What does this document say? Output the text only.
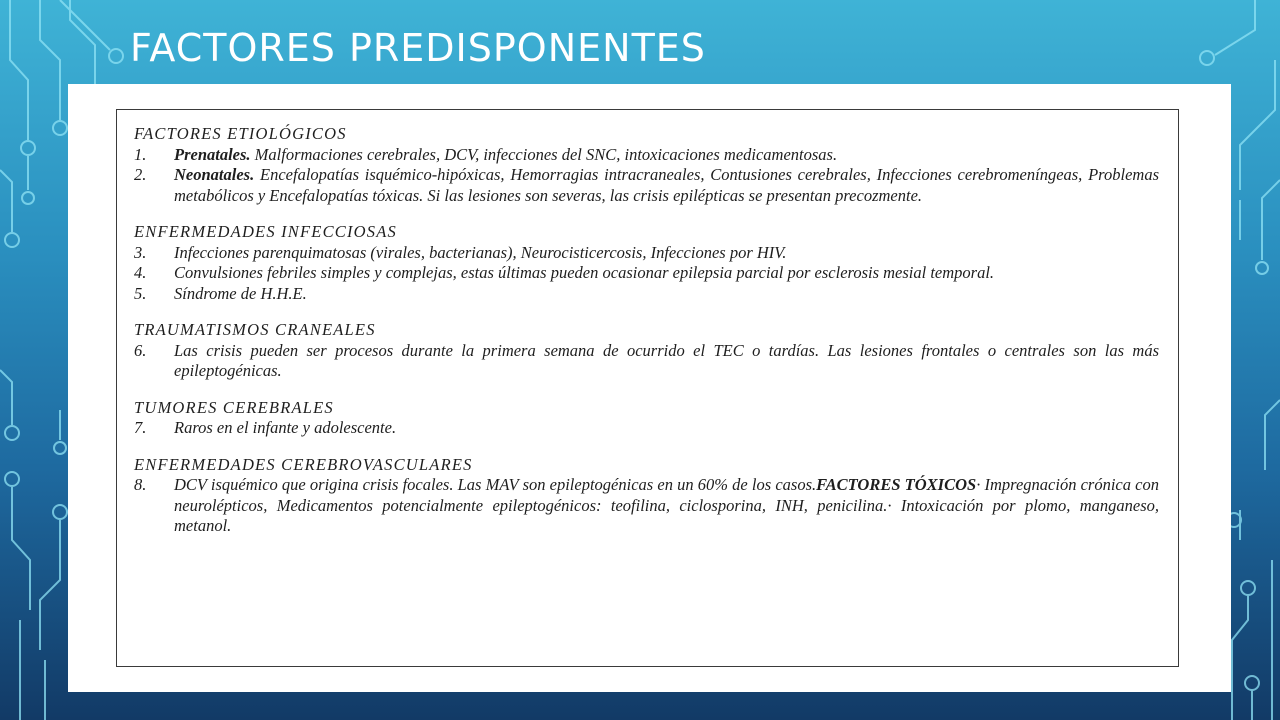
FACTORES PREDISPONENTES
FACTORES ETIOLÓGICOS
1.	Prenatales. Malformaciones cerebrales, DCV, infecciones del SNC, intoxicaciones medicamentosas.
2.	Neonatales. Encefalopatías isquémico-hipóxicas, Hemorragias intracraneales, Contusiones cerebrales, Infecciones cerebromeníngeas, Problemas metabólicos y Encefalopatías tóxicas. Si las lesiones son severas, las crisis epilépticas se presentan precozmente.
ENFERMEDADES INFECCIOSAS
3.	Infecciones parenquimatosas (virales, bacterianas), Neurocisticercosis, Infecciones por HIV.
4.	Convulsiones febriles simples y complejas, estas últimas pueden ocasionar epilepsia parcial por esclerosis mesial temporal.
5.	Síndrome de H.H.E.
TRAUMATISMOS CRANEALES
6.	Las crisis pueden ser procesos durante la primera semana de ocurrido el TEC o tardías. Las lesiones frontales o centrales son las más epileptogénicas.
TUMORES CEREBRALES
7.	Raros en el infante y adolescente.
ENFERMEDADES CEREBROVASCULARES
8.	DCV isquémico que origina crisis focales. Las MAV son epileptogénicas en un 60% de los casos.FACTORES TÓXICOS· Impregnación crónica con neurolépticos, Medicamentos potencialmente epileptogénicos: teofilina, ciclosporina, INH, penicilina.· Intoxicación por plomo, manganeso, metanol.
